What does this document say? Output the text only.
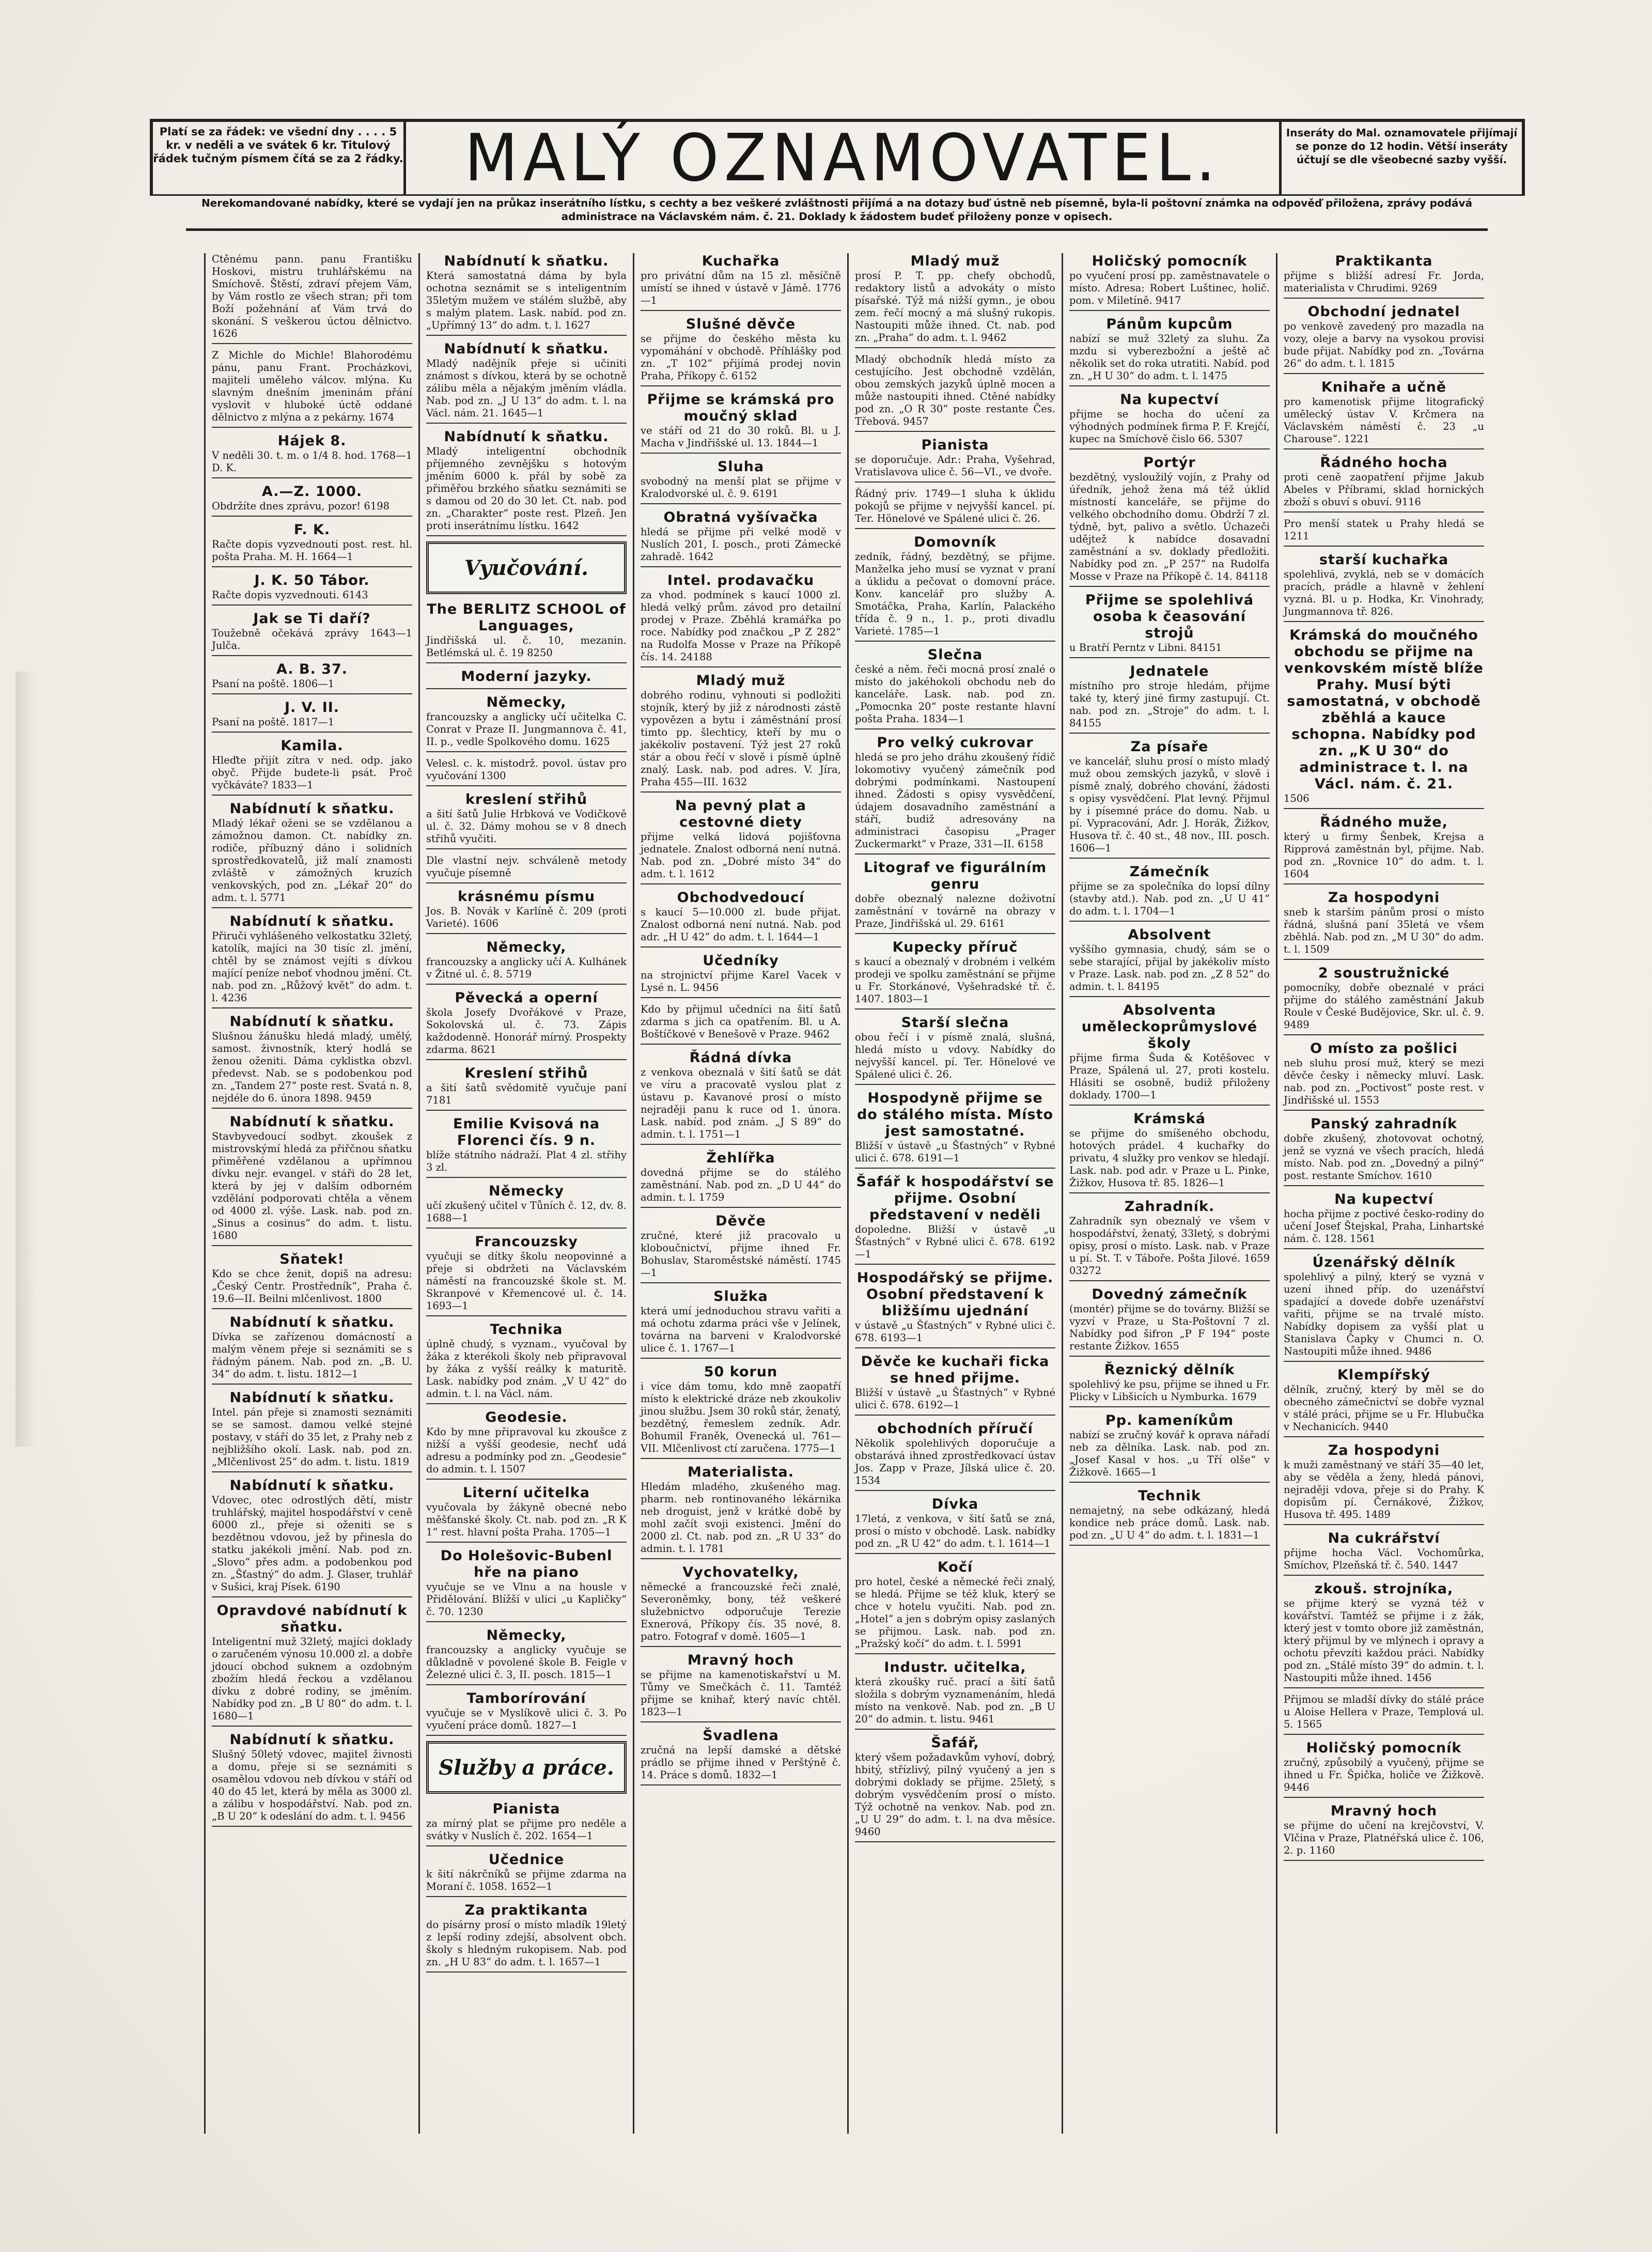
Platí se za řádek: ve všední dny . . . . 5 kr. v neděli a ve svátek 6 kr. Titulový řádek tučným písmem čítá se za 2 řádky. MALÝ OZNAMOVATEL.	Inseráty do Mal. oznamovatele přijímají se ponze do 12 hodin. Větší inseráty účtují se dle všeobecné sazby vyšší.
Nerekomandované nabídky, které se vydají jen na průkaz inserátního lístku, s cechty a bez veškeré zvláštnosti přijímá a na dotazy buď ústně neb písemně, byla-li poštovní známka na odpověď přiložena, zprávy podává administrace na Václavském nám. č. 21. Doklady k žádostem budeť přiloženy ponze v opisech.
Ctěnému pann. panu Františku Hoskovi, mistru truhlářskému na Smíchově. Štěstí, zdraví přejem Vám, by Vám rostlo ze všech stran; při tom Boží požehnání ať Vám trvá do skonání. S veškerou úctou dělnictvo. 1626
Z Michle do Michle! Blahorodému pánu, panu Frant. Procházkovi, majiteli uměleho válcov. mlýna. Ku slavným dnešním jmeninám přání vyslovit v hluboké úctě oddané dělnictvo z mlýna a z pekárny. 1674
Hájek 8.
V neděli 30. t. m. o 1/4 8. hod. 1768—1 D. K.
A.—Z. 1000.
Obdržíte dnes zprávu, pozor! 6198
F. K.
Račte dopis vyzvednouti post. rest. hl. pošta Praha. M. H. 1664—1
J. K. 50 Tábor.
Račte dopis vyzvednouti. 6143
Jak se Ti daří?
Toužebně očekává zprávy 1643—1 Julča.
A. B. 37.
Psaní na poště. 1806—1
J. V. II.
Psaní na poště. 1817—1
Kamila.
Hleďte přijít zítra v ned. odp. jako obyč. Přijde budete-li psát. Proč vyčkáváte? 1833—1
Nabídnutí k sňatku.
Mladý lékař oženi se se vzdělanou a zámožnou damon. Ct. nabídky zn. rodiče, příbuzný dáno i solidních sprostředkovatelů, již malí znamosti zvláště v zámožných kruzích venkovských, pod zn. „Lékař 20“ do adm. t. l. 5771
Nabídnutí k sňatku.
Přiruči vyhlášeného velkostatku 32letý, katolík, majíci na 30 tisíc zl. jmění, chtěl by se známost vejíti s dívkou mající peníze neboť vhodnou jmění. Ct. nab. pod zn. „Růžový květ“ do adm. t. l. 4236
Nabídnutí k sňatku.
Slušnou žánušku hledá mladý, umělý, samost. živnostník, který hodlá se ženou oženiti. Dáma cyklistka obzvl. předevst. Nab. se s podobenkou pod zn. „Tandem 27“ poste rest. Svatá n. 8, nejdéle do 6. února 1898. 9459
Nabídnutí k sňatku.
Stavbyvedoucí sodbyt. zkoušek z mistrovskýmí hledá za přiřčnou sňatku přiměřené vzdělanou a upřímnou dívku nejr. evangel. v stáři do 28 let, která by jej v dalším odborném vzdělání podporovati chtěla a věnem od 4000 zl. výše. Lask. nab. pod zn. „Sinus a cosinus“ do adm. t. listu. 1680
Sňatek!
Kdo se chce ženit, dopiš na adresu: „Český Centr. Prostředník“, Praha č. 19.6—II. Beilni mlčenlivost. 1800
Nabídnutí k sňatku.
Dívka se zařízenou domácností a malým věnem přeje si seznámiti se s řádným pánem. Nab. pod zn. „B. U. 34“ do adm. t. listu. 1812—1
Nabídnutí k sňatku.
Intel. pán přeje si znamosti seznámiti se se samost. damou velké stejné postavy, v stáří do 35 let, z Prahy neb z nejbližšího okolí. Lask. nab. pod zn. „Mlčenlivost 25“ do adm. t. listu. 1819
Nabídnutí k sňatku.
Vdovec, otec odrostlých dětí, mistr truhlářský, majitel hospodářství v ceně 6000 zl., přeje si oženiti se s bezdětnou vdovou, jež by přinesla do statku jakékoli jmění. Nab. pod zn. „Slovo“ přes adm. a podobenkou pod zn. „Šťastný“ do adm. J. Glaser, truhlář v Sušici, kraj Písek. 6190
Opravdové nabídnutí k sňatku.
Inteligentní muž 32letý, majíci doklady o zaručeném výnosu 10.000 zl. a dobře jdoucí obchod suknem a ozdobným zbožím hledá řeckou a vzdělanou dívku z dobré rodiny, se jměním. Nabídky pod zn. „B U 80“ do adm. t. l. 1680—1
Nabídnutí k sňatku.
Slušný 50letý vdovec, majitel živnosti a domu, přeje si se seznámiti s osamělou vdovou neb dívkou v stáří od 40 do 45 let, která by měla as 3000 zl. a zálibu v hospodářství. Nab. pod zn. „B U 20“ k odeslání do adm. t. l. 9456
Nabídnutí k sňatku.
Která samostatná dáma by byla ochotna seznámit se s inteligentním 35letým mužem ve stálém službě, aby s malým platem. Lask. nabíd. pod zn. „Upřímný 13“ do adm. t. l. 1627
Nabídnutí k sňatku.
Mladý nadějník přeje si učiniti známost s dívkou, která by se ochotně zálibu měla a nějakým jměním vládla. Nab. pod zn. „J U 13“ do adm. t. l. na Václ. nám. 21. 1645—1
Nabídnutí k sňatku.
Mladý inteligentní obchodník příjemného zevnějšku s hotovým jměním 6000 k. přál by sobě za přiměřou brzkého sňatku seznámiti se s damou od 20 do 30 let. Ct. nab. pod zn. „Charakter“ poste rest. Plzeň. Jen proti inserátnímu lístku. 1642
Vyučování.
The BERLITZ SCHOOL of Languages,
Jindřišská ul. č. 10, mezanin. Betlémská ul. č. 19 8250
Moderní jazyky.
Německy,
francouzsky a anglicky učí učitelka C. Conrat v Praze II. Jungmannova č. 41, II. p., vedle Spolkového domu. 1625
Velesl. c. k. mistodrž. povol. ústav pro vyučování 1300
kreslení střihů
a šití šatů Julie Hrbková ve Vodičkově ul. č. 32. Dámy mohou se v 8 dnech střihů vyučiti.
Dle vlastní nejv. schváleně metody vyučuje písemně
krásnému písmu
Jos. B. Novák v Karlíně č. 209 (proti Varieté). 1606
Německy,
francouzsky a anglicky učí A. Kulhánek v Žitné ul. č. 8. 5719
Pěvecká a operní
škola Josefy Dvořákové v Praze, Sokolovská ul. č. 73. Zápis každodenně. Honorář mírný. Prospekty zdarma. 8621
Kreslení střihů
a šití šatů svědomitě vyučuje paní 7181
Emilie Kvisová na Florenci čís. 9 n.
blíže státního nádraží. Plat 4 zl. střihy 3 zl.
Německy
učí zkušený učitel v Tůních č. 12, dv. 8. 1688—1
Francouzsky
vyučuji se dítky školu neopovinné a přeje si obdržeti na Václavském náměstí na francouzské škole st. M. Skranpové v Křemencové ul. č. 14. 1693—1
Technika
úplně chudý, s vyznam., vyučoval by žáka z kterékoli školy neb připravoval by žáka z vyšší reálky k maturitě. Lask. nabídky pod znám. „V U 42“ do admin. t. l. na Václ. nám.
Geodesie.
Kdo by mne připravoval ku zkoušce z nižší a vyšší geodesie, nechť udá adresu a podmínky pod zn. „Geodesie“ do admin. t. l. 1507
Literní učitelka
vyučovala by žákyně obecné nebo měšťanské školy. Ct. nab. pod zn. „R K 1“ rest. hlavní pošta Praha. 1705—1
Do Holešovic-Bubenl hře na piano
vyučuje se ve Vlnu a na housle v Přidělování. Blížší v ulici „u Kapličky“ č. 70. 1230
Německy,
francouzsky a anglicky vyučuje se důkladně v povolené škole B. Feigle v Železné ulici č. 3, II. posch. 1815—1
Tamborírování
vyučuje se v Myslíkově ulici č. 3. Po vyučení práce domů. 1827—1
Služby a práce.
Pianista
za mírný plat se přijme pro neděle a svátky v Nuslích č. 202. 1654—1
Učednice
k šití nákrčníků se přijme zdarma na Moraní č. 1058. 1652—1
Za praktikanta
do písárny prosí o místo mladík 19letý z lepší rodiny zdejší, absolvent obch. školy s hledným rukopisem. Nab. pod zn. „H U 83“ do adm. t. l. 1657—1
Kuchařka
pro privátní dům na 15 zl. měsíčně umístí se ihned v ústavě v Jámě. 1776—1
Slušné děvče
se přijme do českého města ku vypomáhání v obchodě. Příhlášky pod zn. „T 102“ přijímá prodej novin Praha, Příkopy č. 6152
Přijme se krámská pro moučný sklad
ve stáří od 21 do 30 roků. Bl. u J. Macha v Jindřišské ul. 13. 1844—1
Sluha
svobodný na menší plat se přijme v Kralodvorské ul. č. 9. 6191
Obratná vyšívačka
hledá se přijme při velké modě v Nuslích 201, I. posch., proti Zámecké zahradě. 1642
Intel. prodavačku
za vhod. podmínek s kaucí 1000 zl. hledá velký prům. závod pro detailní prodej v Praze. Zběhlá kramářka po roce. Nabídky pod značkou „P Z 282“ na Rudolfa Mosse v Praze na Příkopě čís. 14. 24188
Mladý muž
dobrého rodinu, vyhnouti si podložiti stojník, který by již z národnosti zástě vypovězen a bytu i záměstnání prosí timto pp. šlechticy, kteří by mu o jakékoliv postavení. Týž jest 27 roků stár a obou řečí v slově i písmě úplně znalý. Lask. nab. pod adres. V. Jíra, Praha 455—III. 1632
Na pevný plat a cestovné diety
přijme velká lidová pojišťovna jednatele. Znalost odborná není nutná. Nab. pod zn. „Dobré místo 34“ do adm. t. l. 1612
Obchodvedoucí
s kaucí 5—10.000 zl. bude přijat. Znalost odborná není nutná. Nab. pod adr. „H U 42“ do adm. t. l. 1644—1
Učedníky
na strojnictví přijme Karel Vacek v Lysé n. L. 9456
Kdo by přijmul učedníci na šití šatů zdarma s jich ca opatřením. Bl. u A. Boštíčkové v Benešově v Praze. 9462
Řádná dívka
z venkova obeznalá v šití šatů se dát ve víru a pracovatě vyslou plat z ústavu p. Kavanové prosí o místo nejraději panu k ruce od 1. února. Lask. nabíd. pod znám. „J S 89“ do admin. t. l. 1751—1
Žehlířka
dovedná přijme se do stálého zaměstnání. Nab. pod zn. „D U 44“ do admin. t. l. 1759
Děvče
zručné, které již pracovalo u kloboučnictví, přijme ihned Fr. Bohuslav, Staroměstské náměstí. 1745—1
Služka
která umí jednoduchou stravu vařiti a má ochotu zdarma práci vše v Jelínek, továrna na barveni v Kralodvorské ulice č. 1. 1767—1
50 korun
i více dám tomu, kdo mně zaopatří místo k elektrické dráze neb zkoukoliv jinou službu. Jsem 30 roků stár, ženatý, bezdětný, řemeslem zedník. Adr. Bohumil Franěk, Ovenecká ul. 761—VII. Mlčenlivost ctí zaručena. 1775—1
Materialista.
Hledám mladého, zkušeného mag. pharm. neb rontinovaného lékárnika neb droguist, jenž v krátké době by mohl začít svoji existenci. Jmění do 2000 zl. Ct. nab. pod zn. „R U 33“ do admin. t. l. 1781
Vychovatelky,
německé a francouzské řeči znalé, Severoněmky, bony, též veškeré služebnictvo odporučuje Terezie Exnerová, Příkopy čís. 35 nové, 8. patro. Fotograf v domě. 1605—1
Mravný hoch
se přijme na kamenotiskařství u M. Tůmy ve Smečkách č. 11. Tamtéž přijme se knihař, který navíc chtěl. 1823—1
Švadlena
zručná na lepší damské a dětské prádlo se přijme ihned v Perštýně č. 14. Práce s domů. 1832—1
Mladý muž
prosí P. T. pp. chefy obchodů, redaktory listů a advokáty o místo písařské. Týž má nižší gymn., je obou zem. řečí mocný a má slušný rukopis. Nastoupiti může ihned. Ct. nab. pod zn. „Praha“ do adm. t. l. 9462
Mladý obchodník hledá místo za cestujícího. Jest obchodně vzdělán, obou zemských jazyků úplně mocen a může nastoupiti ihned. Ctěné nabídky pod zn. „O R 30“ poste restante Čes. Třebová. 9457
Pianista
se doporučuje. Adr.: Praha, Vyšehrad, Vratislavova ulice č. 56—VI., ve dvoře.
Řádný priv. 1749—1 sluha k úklidu pokojů se přijme v nejvyšší kancel. pí. Ter. Hönelové ve Spálené ulici č. 26.
Domovník
zedník, řádný, bezdětný, se přijme. Manželka jeho musí se vyznat v praní a úklidu a pečovat o domovní práce. Konv. kancelář pro služby A. Smotáčka, Praha, Karlín, Palackého třída č. 9 n., 1. p., proti divadlu Varieté. 1785—1
Slečna
české a něm. řeči mocná prosí znalé o místo do jakéhokoli obchodu neb do kanceláře. Lask. nab. pod zn. „Pomocnka 20“ poste restante hlavní pošta Praha. 1834—1
Pro velký cukrovar
hledá se pro jeho dráhu zkoušený řídič lokomotivy vyučený zámečník pod dobrými podmínkami. Nastoupení ihned. Žádosti s opisy vysvědčení, údajem dosavadního zaměstnání a stáří, budiž adresovány na administraci časopisu „Prager Zuckermarkt“ v Praze, 331—II. 6158
Litograf ve figurálním genru
dobře obeznalý nalezne doživotní zaměstnání v továrně na obrazy v Praze, Jindřišská ul. 29. 6161
Kupecky příruč
s kaucí a obeznalý v drobném i velkém prodeji ve spolku zaměstnání se přijme u Fr. Storkánové, Vyšehradské tř. č. 1407. 1803—1
Starší slečna
obou řečí i v písmě znalá, slušná, hledá místo u vdovy. Nabídky do nejvyšší kancel. pí. Ter. Hönelové ve Spálené ulici č. 26.
Hospodyně přijme se do stálého místa. Místo jest samostatné.
Bližší v ústavě „u Šťastných“ v Rybné ulici č. 678. 6191—1
Šafář k hospodářství se přijme. Osobní představení v neděli
dopoledne. Bližší v ústavě „u Šťastných“ v Rybné ulici č. 678. 6192—1
Hospodářský se přijme. Osobní představení k bližšímu ujednání
v ústavě „u Šťastných“ v Rybné ulici č. 678. 6193—1
Děvče ke kuchaři ficka se hned přijme.
Bližší v ústavě „u Šťastných“ v Rybné ulici č. 678. 6192—1
obchodních příručí
Několik spolehlivých doporučuje a obstarává ihned zprostředkovací ústav Jos. Zapp v Praze, Jílská ulice č. 20. 1534
Dívka
17letá, z venkova, v šití šatů se zná, prosí o místo v obchodě. Lask. nabídky pod zn. „R U 42“ do adm. t. l. 1614—1
Kočí
pro hotel, české a německé řeči znalý, se hledá. Přijme se též kluk, který se chce v hotelu vyučiti. Nab. pod zn. „Hotel“ a jen s dobrým opisy zaslaných se přijmou. Lask. nab. pod zn. „Pražský kočí“ do adm. t. l. 5991
Industr. učitelka,
která zkoušky ruč. prací a šití šatů složila s dobrým vyznamenáním, hledá místo na venkově. Nab. pod zn. „B U 20“ do admin. t. listu. 9461
Šafář,
který všem požadavkům vyhoví, dobrý, hbitý, střízlivý, pilný vyučený a jen s dobrými doklady se přijme. 25letý, s dobrým vysvědčením prosí o místo. Týž ochotně na venkov. Nab. pod zn. „U U 29“ do adm. t. l. na dva měsíce. 9460
Holičský pomocník
po vyučení prosí pp. zaměstnavatele o místo. Adresa: Robert Luštinec, holič. pom. v Miletíně. 9417
Pánům kupcům
nabízí se muž 32letý za sluhu. Za mzdu si vyberezbožní a ještě ač několik set do roka utratiti. Nabíd. pod zn. „H U 30“ do adm. t. l. 1475
Na kupectví
přijme se hocha do učení za výhodných podmínek firma P. F. Krejčí, kupec na Smíchově čislo 66. 5307
Portýr
bezdětný, vysloužilý vojín, z Prahy od úředník, jehož žena má též úklid místností kanceláře, se přijme do velkého obchodního domu. Obdrží 7 zl. týdně, byt, palivo a světlo. Úchazeči udějtež k nabídce dosavadní zaměstnání a sv. doklady předložiti. Nabídky pod zn. „P 257“ na Rudolfa Mosse v Praze na Příkopě č. 14. 84118
Přijme se spolehlivá osoba k čeasování strojů
u Bratří Perntz v Libni. 84151
Jednatele
místního pro stroje hledám, přijme také ty, který jiné firmy zastupují. Ct. nab. pod zn. „Stroje“ do adm. t. l. 84155
Za písaře
ve kancelář, sluhu prosí o místo mladý muž obou zemských jazyků, v slově i písmě znalý, dobrého chování, žádosti s opisy vysvědčení. Plat levný. Přijmul by i písemné práce do domu. Nab. u pí. Vypracování, Adr. J. Horák, Žižkov, Husova tř. č. 40 st., 48 nov., III. posch. 1606—1
Zámečník
přijme se za společníka do lopsí dílny (stavby atd.). Nab. pod zn. „U U 41“ do adm. t. l. 1704—1
Absolvent
vyššího gymnasia, chudý, sám se o sebe starající, přijal by jakékoliv místo v Praze. Lask. nab. pod zn. „Z 8 52“ do admin. t. l. 84195
Absolventa uměleckoprůmyslové školy
přijme firma Šuda & Kotěšovec v Praze, Spálená ul. 27, proti kostelu. Hlásiti se osobně, budiž přiloženy doklady. 1700—1
Krámská
se přijme do smíšeného obchodu, hotových prádel. 4 kuchařky do privatu, 4 služky pro venkov se hledají. Lask. nab. pod adr. v Praze u L. Pinke, Žižkov, Husova tř. 85. 1826—1
Zahradník.
Zahradník syn obeznalý ve všem v hospodářství, ženatý, 33letý, s dobrými opisy, prosí o místo. Lask. nab. v Praze u pí. St. T. v Táboře. Pošta Jilové. 1659 03272
Dovedný zámečník
(montér) přijme se do továrny. Bližší se vyzví v Praze, u Sta-Poštovní 7 zl. Nabídky pod šifron „P F 194“ poste restante Žižkov. 1655
Řeznický dělník
spolehlivý ke psu, přijme se ihned u Fr. Plicky v Libšicích u Nymburka. 1679
Pp. kameníkům
nabízí se zručný kovář k oprava nářadí neb za dělníka. Lask. nab. pod zn. „Josef Kasal v hos. „u Tří olše“ v Žižkově. 1665—1
Technik
nemajetný, na sebe odkázaný, hledá kondice neb práce domů. Lask. nab. pod zn. „U U 4“ do adm. t. l. 1831—1
Praktikanta
přijme s bližší adresí Fr. Jorda, materialista v Chrudimi. 9269
Obchodní jednatel
po venkově zavedený pro mazadla na vozy, oleje a barvy na vysokou provisi bude přijat. Nabídky pod zn. „Továrna 26“ do adm. t. l. 1815
Knihaře a učně
pro kamenotisk přijme litografický umělecký ústav V. Krčmera na Václavském náměstí č. 23 „u Charouse“. 1221
Řádného hocha
proti ceně zaopatření přijme Jakub Abeles v Příbrami, sklad hornických zboží s obuví s obuví. 9116
Pro menší statek u Prahy hledá se 1211
starší kuchařka
spolehlivá, zvyklá, neb se v domácích pracích, prádle a hlavně v žehlení vyzná. Bl. u p. Hodka, Kr. Vinohrady, Jungmannova tř. 826.
Krámská do moučného obchodu se přijme na venkovském místě blíže Prahy. Musí býti samostatná, v obchodě zběhlá a kauce schopna. Nabídky pod zn. „K U 30“ do administrace t. l. na Václ. nám. č. 21.
1506
Řádného muže,
který u firmy Šenbek, Krejsa a Ripprová zaměstnán byl, přijme. Nab. pod zn. „Rovnice 10“ do adm. t. l. 1604
Za hospodyni
sneb k starším pánům prosí o místo řádná, slušná paní 35letá ve všem zběhlá. Nab. pod zn. „M U 30“ do adm. t. l. 1509
2 soustružnické
pomocníky, dobře obeznalé v práci přijme do stálého zaměstnání Jakub Roule v České Budějovice, Skr. ul. č. 9. 9489
O místo za pošlici
neb sluhu prosí muž, který se mezi děvče česky i německy mluví. Lask. nab. pod zn. „Poctivost“ poste rest. v Jindřišské ul. 1553
Panský zahradník
dobře zkušený, zhotovovat ochotný, jenž se vyzná ve všech pracích, hledá místo. Nab. pod zn. „Dovedný a pilný“ post. restante Smíchov. 1610
Na kupectví
hocha přijme z poctivé česko-rodiny do učení Josef Štejskal, Praha, Linhartské nám. č. 128. 1561
Úzenářský dělník
spolehlivý a pilný, který se vyzná v uzení ihned příp. do uzenářství spadající a dovede dobře uzenářství vařiti, přijme se na trvalé místo. Nabídky dopisem za vyšší plat u Stanislava Čapky v Chumci n. O. Nastoupiti může ihned. 9486
Klempířský
dělník, zručný, který by měl se do obecného zámečnictví se dobře vyznal v stálé práci, přijme se u Fr. Hlubučka v Nechanicích. 9440
Za hospodyni
k muži zaměstnaný ve stáří 35—40 let, aby se věděla a ženy, hledá pánovi, nejraději vdova, přeje si do Prahy. K dopisům pí. Černákové, Žižkov, Husova tř. 495. 1489
Na cukrářství
přijme hocha Václ. Vochomůrka, Smíchov, Plzeňská tř. č. 540. 1447
zkouš. strojníka,
se přijme který se vyzná též v kovářství. Tamtéž se přijme i z žák, který jest v tomto obore již zaměstnán, který přijmul by ve mlýnech i opravy a ochotu převzíti každou práci. Nabídky pod zn. „Stálé místo 39“ do admin. t. l. Nastoupiti může ihned. 1456
Přijmou se mladší dívky do stálé práce u Aloise Hellera v Praze, Templová ul. 5. 1565
Holičský pomocník
zručný, způsobilý a vyučený, přijme se ihned u Fr. Špička, holiče ve Žižkově. 9446
Mravný hoch
se přijme do učení na krejčovství, V. Vlčina v Praze, Platnéřská ulice č. 106, 2. p. 1160
